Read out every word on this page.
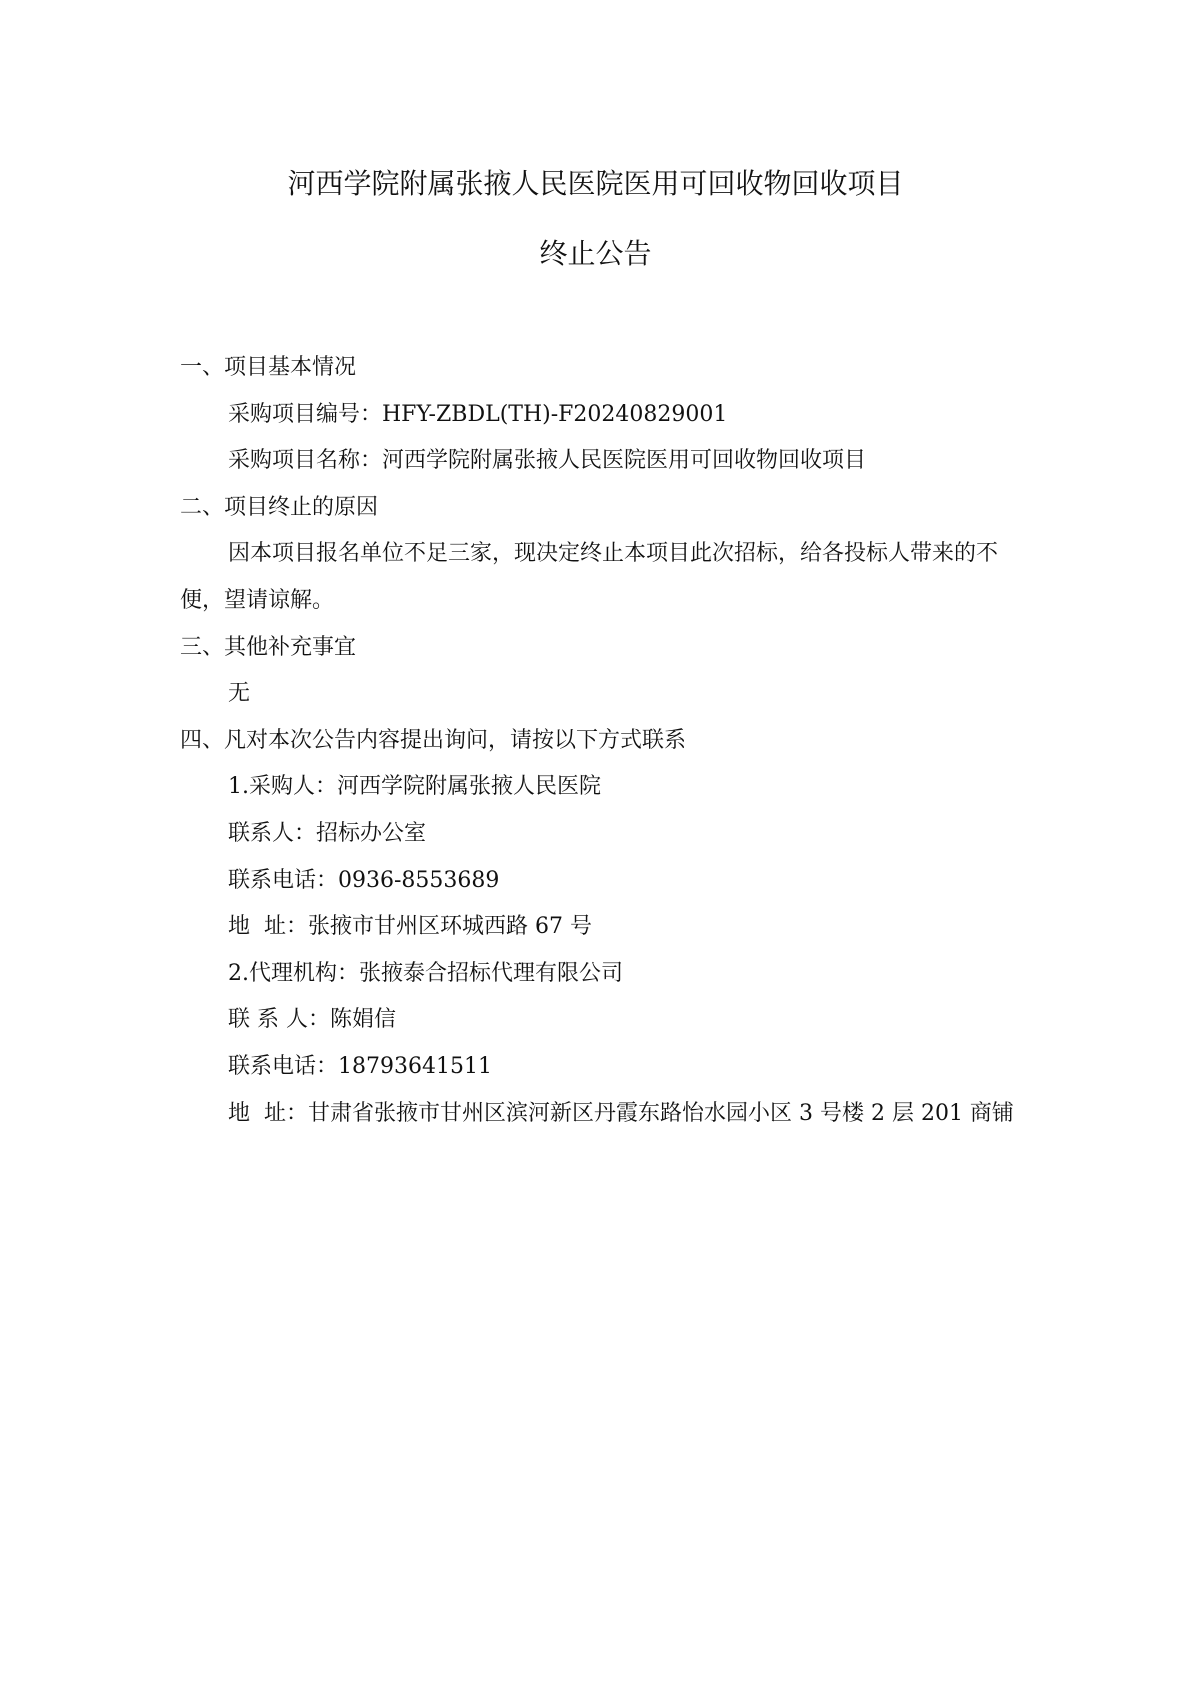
河西学院附属张掖人民医院医用可回收物回收项目
终止公告
一、项目基本情况
采购项目编号：HFY-ZBDL(TH)-F20240829001
采购项目名称：河西学院附属张掖人民医院医用可回收物回收项目
二、项目终止的原因
因本项目报名单位不足三家，现决定终止本项目此次招标，给各投标人带来的不便，望请谅解。
三、其他补充事宜
无
四、凡对本次公告内容提出询问，请按以下方式联系
1.采购人：河西学院附属张掖人民医院
联系人：招标办公室
联系电话：0936-8553689
地  址：张掖市甘州区环城西路 67 号
2.代理机构：张掖泰合招标代理有限公司
联 系 人：陈娟信
联系电话：18793641511
地  址：甘肃省张掖市甘州区滨河新区丹霞东路怡水园小区 3 号楼 2 层 201 商铺
